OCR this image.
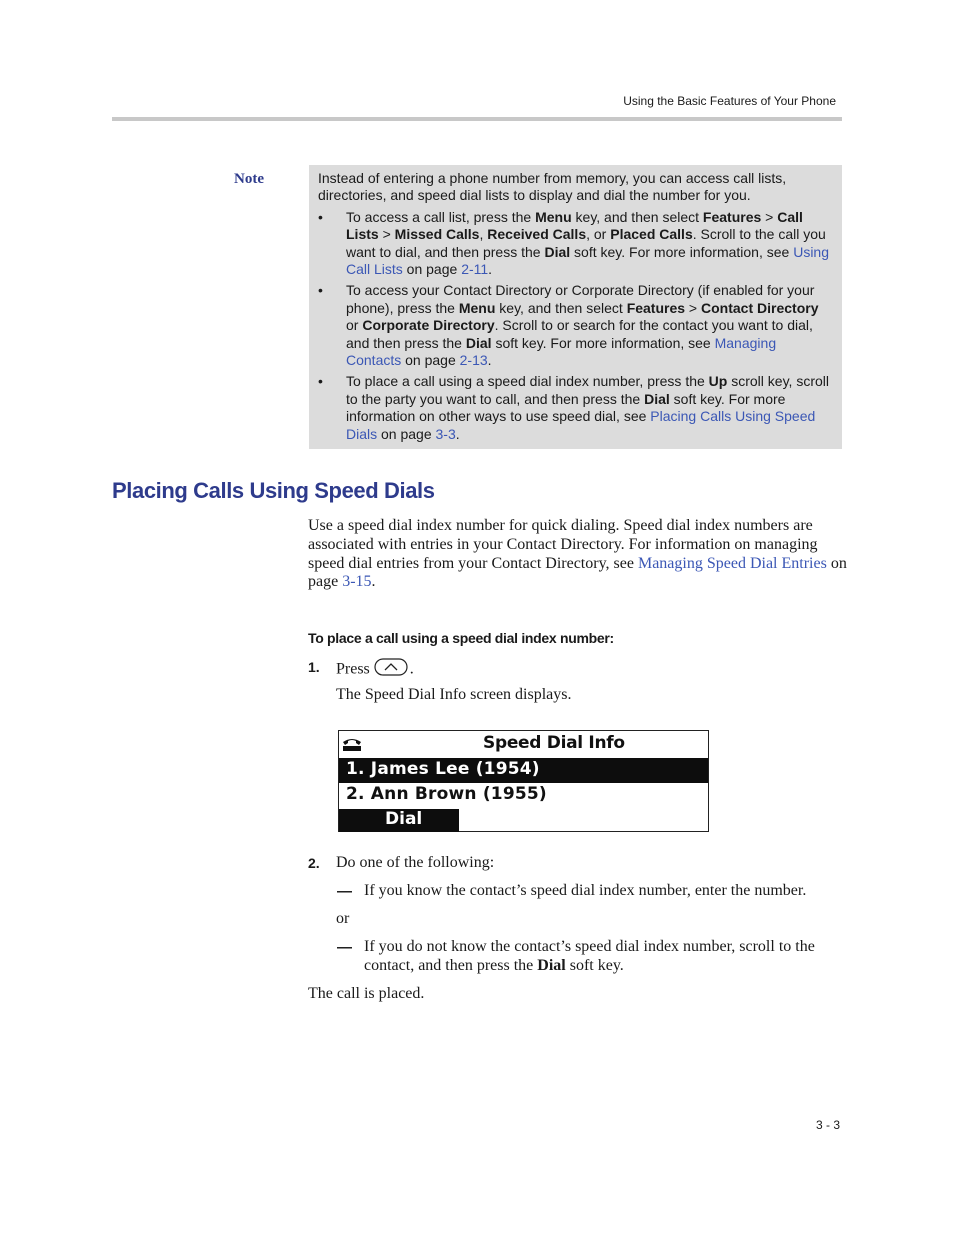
Using the Basic Features of Your Phone
Note	Instead of entering a phone number from memory, you can access call lists, directories, and speed dial lists to display and dial the number for you.

• To access a call list, press the Menu key, and then select Features > Call Lists > Missed Calls, Received Calls, or Placed Calls. Scroll to the call you want to dial, and then press the Dial soft key. For more information, see Using Call Lists on page 2-11.
• To access your Contact Directory or Corporate Directory (if enabled for your phone), press the Menu key, and then select Features > Contact Directory or Corporate Directory. Scroll to or search for the contact you want to dial, and then press the Dial soft key. For more information, see Managing Contacts on page 2-13.
• To place a call using a speed dial index number, press the Up scroll key, scroll to the party you want to call, and then press the Dial soft key. For more information on other ways to use speed dial, see Placing Calls Using Speed Dials on page 3-3.
Placing Calls Using Speed Dials

Use a speed dial index number for quick dialing. Speed dial index numbers are associated with entries in your Contact Directory. For information on managing speed dial entries from your Contact Directory, see Managing Speed Dial Entries on page 3-15.

To place a call using a speed dial index number:

1. Press	.

The Speed Dial Info screen displays.

Speed Dial Info
1. James Lee (1954)
2. Ann Brown (1955)
Dial
2. Do one of the following:

— If you know the contact’s speed dial index number, enter the number.

or

— If you do not know the contact’s speed dial index number, scroll to the contact, and then press the Dial soft key.

The call is placed.

3 - 3
